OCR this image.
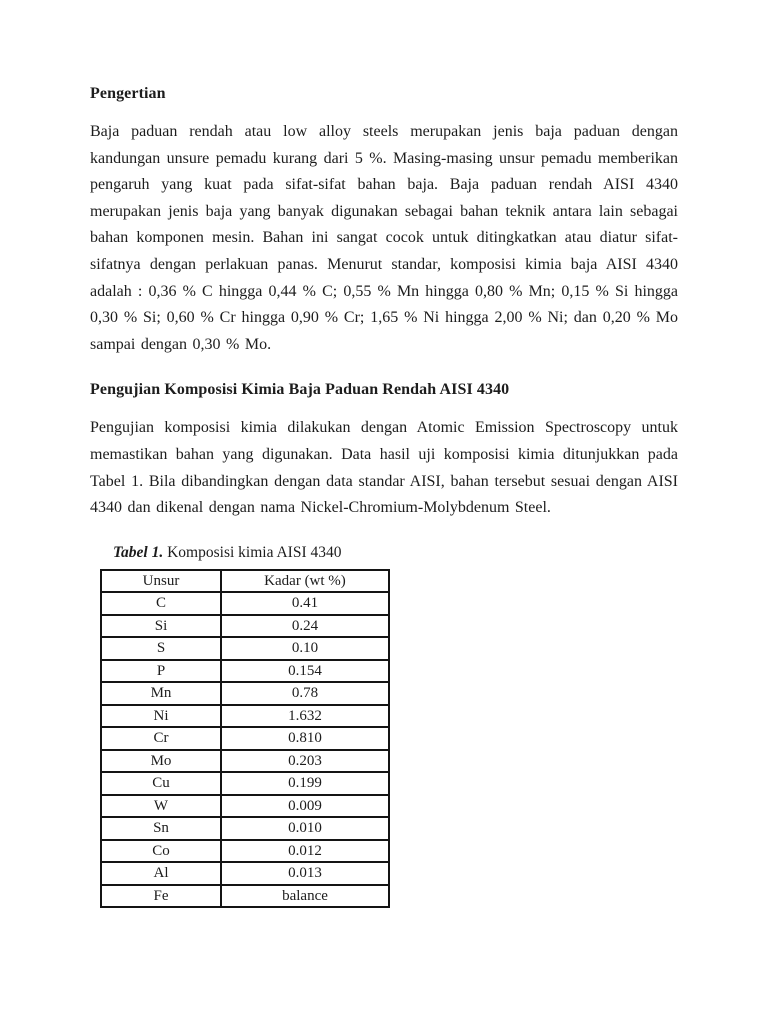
Pengertian

Baja paduan rendah atau low alloy steels merupakan jenis baja paduan dengan kandungan unsure pemadu kurang dari 5 %. Masing-masing unsur pemadu memberikan pengaruh yang kuat pada sifat-sifat bahan baja. Baja paduan rendah AISI 4340 merupakan jenis baja yang banyak digunakan sebagai bahan teknik antara lain sebagai bahan komponen mesin. Bahan ini sangat cocok untuk ditingkatkan atau diatur sifat-sifatnya dengan perlakuan panas. Menurut standar, komposisi kimia baja AISI 4340 adalah : 0,36 % C hingga 0,44 % C; 0,55 % Mn hingga 0,80 % Mn; 0,15 % Si hingga 0,30 % Si; 0,60 % Cr hingga 0,90 % Cr; 1,65 % Ni hingga 2,00 % Ni; dan 0,20 % Mo sampai dengan 0,30 % Mo.

Pengujian Komposisi Kimia Baja Paduan Rendah AISI 4340

Pengujian komposisi kimia dilakukan dengan Atomic Emission Spectroscopy untuk memastikan bahan yang digunakan. Data hasil uji komposisi kimia ditunjukkan pada Tabel 1. Bila dibandingkan dengan data standar AISI, bahan tersebut sesuai dengan AISI 4340 dan dikenal dengan nama Nickel-Chromium-Molybdenum Steel.

Tabel 1. Komposisi kimia AISI 4340
Unsur	Kadar (wt %)
C	0.41
Si	0.24
S	0.10
P	0.154
Mn	0.78
Ni	1.632
Cr	0.810
Mo	0.203
Cu	0.199
W	0.009
Sn	0.010
Co	0.012
Al	0.013
Fe	balance
